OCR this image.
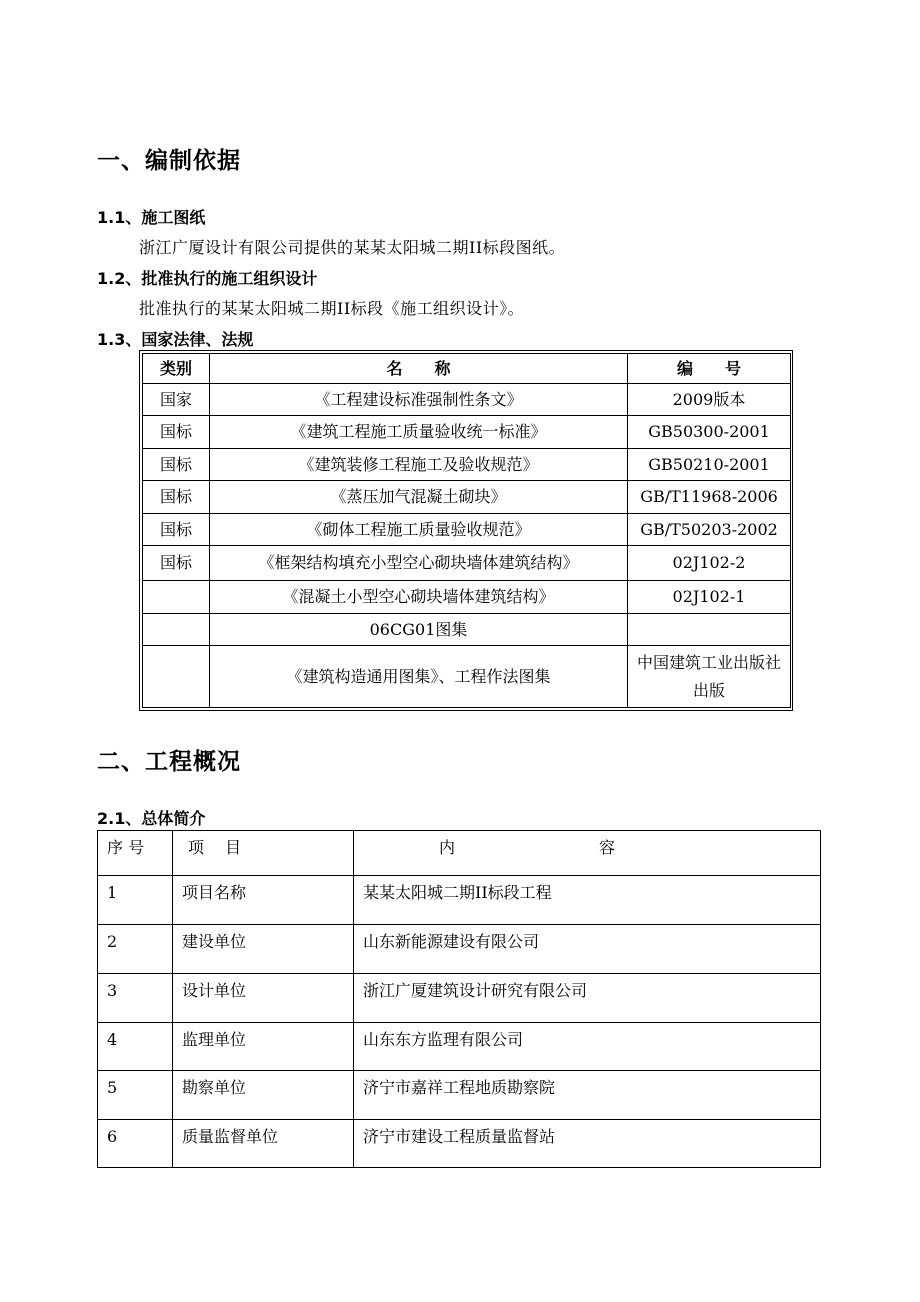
一、编制依据
1.1、施工图纸
浙江广厦设计有限公司提供的某某太阳城二期II标段图纸。
1.2、批准执行的施工组织设计
批准执行的某某太阳城二期II标段《施工组织设计》。
1.3、国家法律、法规
类别	名　　称	编　　号
国家	《工程建设标准强制性条文》	2009版本
国标	《建筑工程施工质量验收统一标准》	GB50300-2001
国标	《建筑装修工程施工及验收规范》	GB50210-2001
国标	《蒸压加气混凝土砌块》	GB/T11968-2006
国标	《砌体工程施工质量验收规范》	GB/T50203-2002
国标	《框架结构填充小型空心砌块墙体建筑结构》	02J102-2
	《混凝土小型空心砌块墙体建筑结构》	02J102-1
	06CG01图集	
	《建筑构造通用图集》、工程作法图集	中国建筑工业出版社出版
二、工程概况
2.1、总体简介
序 号	项　 目	内　　　　　　　　　容
1	项目名称	某某太阳城二期II标段工程
2	建设单位	山东新能源建设有限公司
3	设计单位	浙江广厦建筑设计研究有限公司
4	监理单位	山东东方监理有限公司
5	勘察单位	济宁市嘉祥工程地质勘察院
6	质量监督单位	济宁市建设工程质量监督站
